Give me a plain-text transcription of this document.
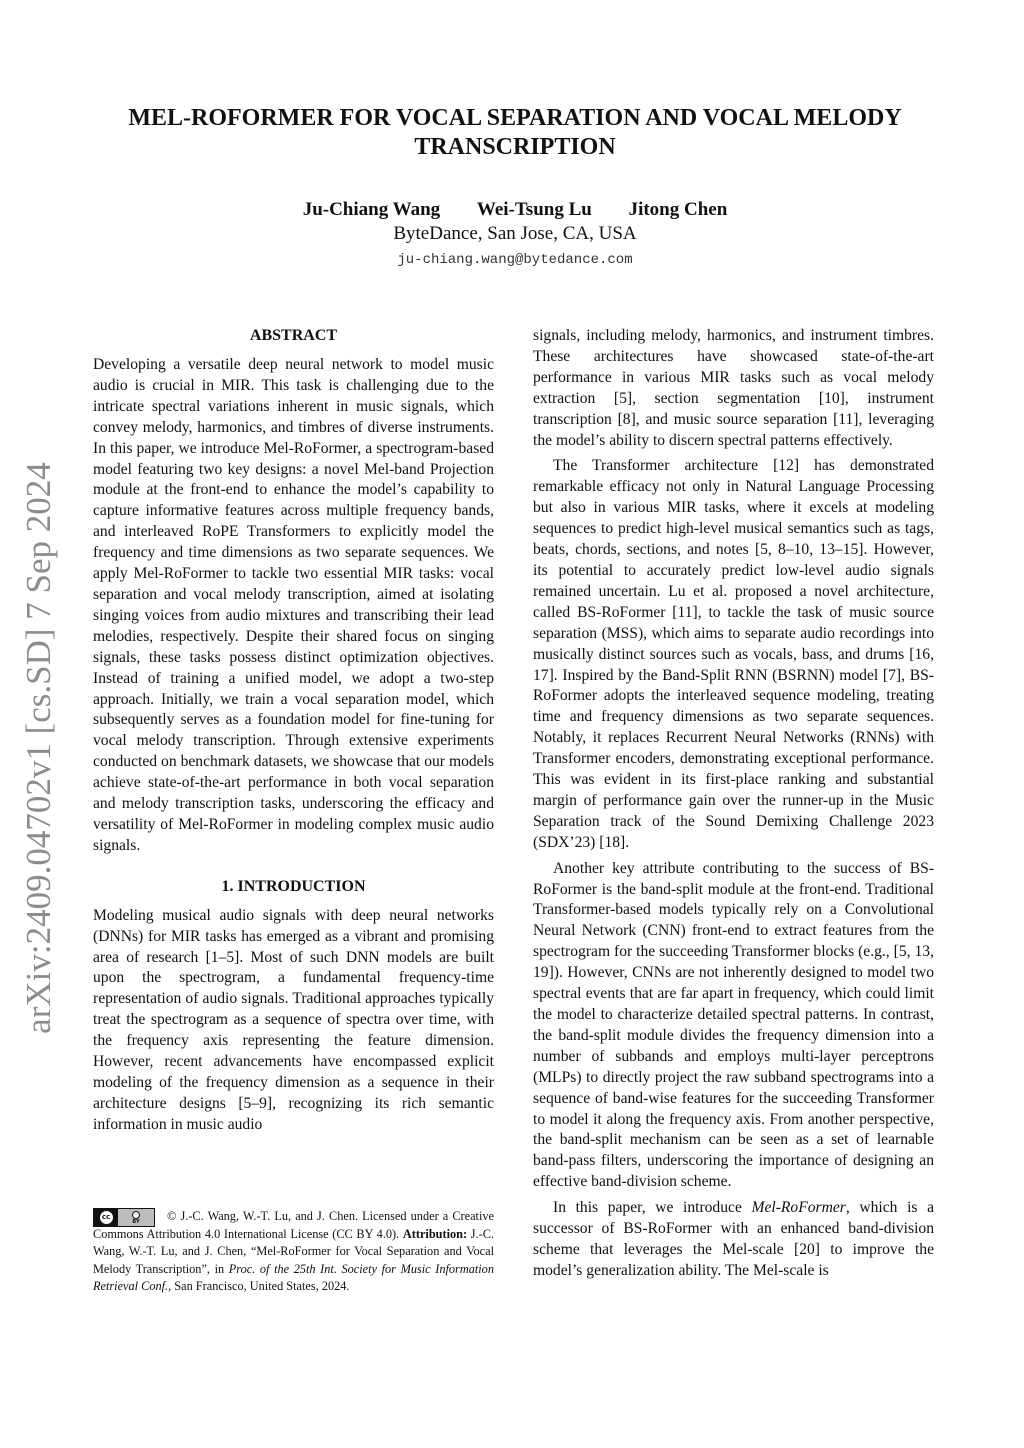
arXiv:2409.04702v1 [cs.SD] 7 Sep 2024
MEL-ROFORMER FOR VOCAL SEPARATION AND VOCAL MELODY
TRANSCRIPTION
Ju-Chiang Wang Wei-Tsung Lu Jitong Chen
ByteDance, San Jose, CA, USA
ju-chiang.wang@bytedance.com
ABSTRACT

Developing a versatile deep neural network to model music audio is crucial in MIR. This task is challenging due to the intricate spectral variations inherent in music signals, which convey melody, harmonics, and timbres of diverse instruments. In this paper, we introduce Mel-RoFormer, a spectrogram-based model featuring two key designs: a novel Mel-band Projection module at the front-end to enhance the model’s capability to capture informative features across multiple frequency bands, and interleaved RoPE Transformers to explicitly model the frequency and time dimensions as two separate sequences. We apply Mel-RoFormer to tackle two essential MIR tasks: vocal separation and vocal melody transcription, aimed at isolating singing voices from audio mixtures and transcribing their lead melodies, respectively. Despite their shared focus on singing signals, these tasks possess distinct optimization objectives. Instead of training a unified model, we adopt a two-step approach. Initially, we train a vocal separation model, which subsequently serves as a foundation model for fine-tuning for vocal melody transcription. Through extensive experiments conducted on benchmark datasets, we showcase that our models achieve state-of-the-art performance in both vocal separation and melody transcription tasks, underscoring the efficacy and versatility of Mel-RoFormer in modeling complex music audio signals.

1. INTRODUCTION

Modeling musical audio signals with deep neural networks (DNNs) for MIR tasks has emerged as a vibrant and promising area of research [1–5]. Most of such DNN models are built upon the spectrogram, a fundamental frequency-time representation of audio signals. Traditional approaches typically treat the spectrogram as a sequence of spectra over time, with the frequency axis representing the feature dimension. However, recent advancements have encompassed explicit modeling of the frequency dimension as a sequence in their architecture designs [5–9], recognizing its rich semantic information in music audio

cc
BY	© J.-C. Wang, W.-T. Lu, and J. Chen. Licensed under a Creative Commons Attribution 4.0 International License (CC BY 4.0). Attribution: J.-C. Wang, W.-T. Lu, and J. Chen, “Mel-RoFormer for Vocal Separation and Vocal Melody Transcription”, in Proc. of the 25th Int. Society for Music Information Retrieval Conf., San Francisco, United States, 2024.

signals, including melody, harmonics, and instrument timbres. These architectures have showcased state-of-the-art performance in various MIR tasks such as vocal melody extraction [5], section segmentation [10], instrument transcription [8], and music source separation [11], leveraging the model’s ability to discern spectral patterns effectively.

The Transformer architecture [12] has demonstrated remarkable efficacy not only in Natural Language Processing but also in various MIR tasks, where it excels at modeling sequences to predict high-level musical semantics such as tags, beats, chords, sections, and notes [5, 8–10, 13–15]. However, its potential to accurately predict low-level audio signals remained uncertain. Lu et al. proposed a novel architecture, called BS-RoFormer [11], to tackle the task of music source separation (MSS), which aims to separate audio recordings into musically distinct sources such as vocals, bass, and drums [16, 17]. Inspired by the Band-Split RNN (BSRNN) model [7], BS-RoFormer adopts the interleaved sequence modeling, treating time and frequency dimensions as two separate sequences. Notably, it replaces Recurrent Neural Networks (RNNs) with Transformer encoders, demonstrating exceptional performance. This was evident in its first-place ranking and substantial margin of performance gain over the runner-up in the Music Separation track of the Sound Demixing Challenge 2023 (SDX’23) [18].

Another key attribute contributing to the success of BS-RoFormer is the band-split module at the front-end. Traditional Transformer-based models typically rely on a Convolutional Neural Network (CNN) front-end to extract features from the spectrogram for the succeeding Transformer blocks (e.g., [5, 13, 19]). However, CNNs are not inherently designed to model two spectral events that are far apart in frequency, which could limit the model to characterize detailed spectral patterns. In contrast, the band-split module divides the frequency dimension into a number of subbands and employs multi-layer perceptrons (MLPs) to directly project the raw subband spectrograms into a sequence of band-wise features for the succeeding Transformer to model it along the frequency axis. From another perspective, the band-split mechanism can be seen as a set of learnable band-pass filters, underscoring the importance of designing an effective band-division scheme.

In this paper, we introduce Mel-RoFormer, which is a successor of BS-RoFormer with an enhanced band-division scheme that leverages the Mel-scale [20] to improve the model’s generalization ability. The Mel-scale is
